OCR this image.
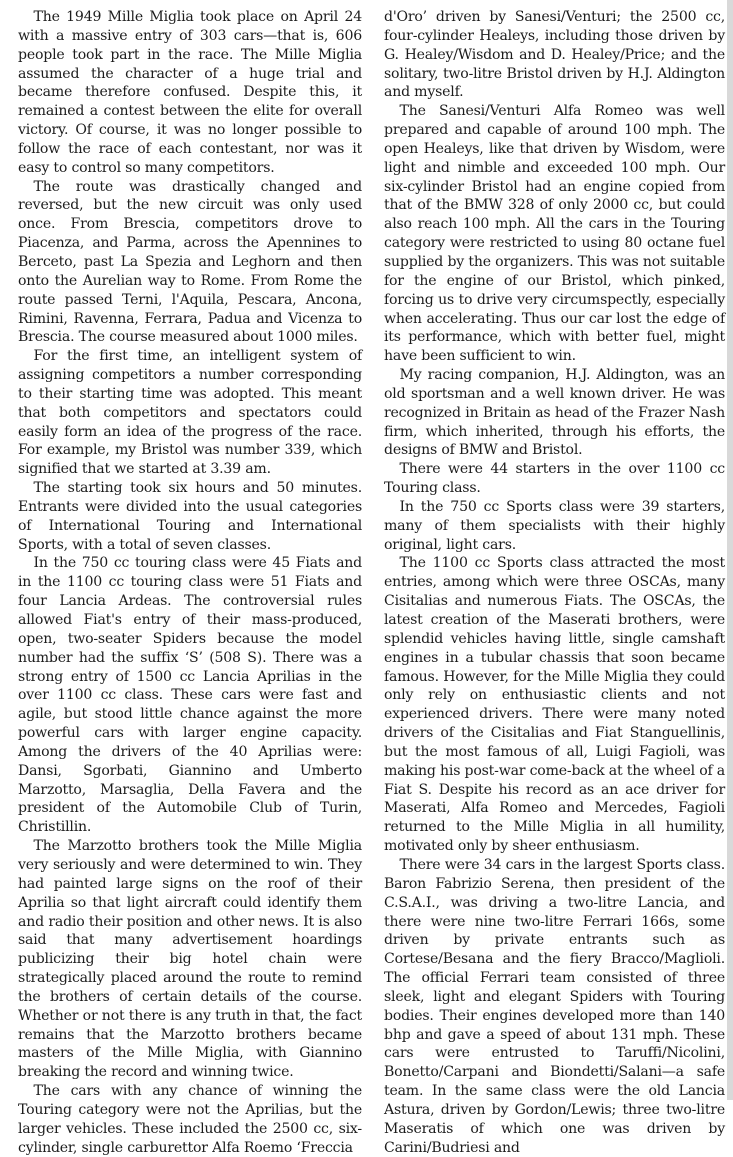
The 1949 Mille Miglia took place on April 24 with a massive entry of 303 cars—that is, 606 people took part in the race. The Mille Miglia assumed the character of a huge trial and became therefore confused. Despite this, it remained a contest between the elite for overall victory. Of course, it was no longer possible to follow the race of each contestant, nor was it easy to control so many competitors.

The route was drastically changed and reversed, but the new circuit was only used once. From Brescia, competitors drove to Piacenza, and Parma, across the Apennines to Berceto, past La Spezia and Leghorn and then onto the Aurelian way to Rome. From Rome the route passed Terni, l'Aquila, Pescara, Ancona, Rimini, Ravenna, Ferrara, Padua and Vicenza to Brescia. The course measured about 1000 miles.

For the first time, an intelligent system of assigning competitors a number corresponding to their starting time was adopted. This meant that both competitors and spectators could easily form an idea of the progress of the race. For example, my Bristol was number 339, which signified that we started at 3.39 am.

The starting took six hours and 50 minutes. Entrants were divided into the usual categories of International Touring and International Sports, with a total of seven classes.

In the 750 cc touring class were 45 Fiats and in the 1100 cc touring class were 51 Fiats and four Lancia Ardeas. The controversial rules allowed Fiat's entry of their mass-produced, open, two-seater Spiders because the model number had the suffix ‘S’ (508 S). There was a strong entry of 1500 cc Lancia Aprilias in the over 1100 cc class. These cars were fast and agile, but stood little chance against the more powerful cars with larger engine capacity. Among the drivers of the 40 Aprilias were: Dansi, Sgorbati, Giannino and Umberto Marzotto, Marsaglia, Della Favera and the president of the Automobile Club of Turin, Christillin.

The Marzotto brothers took the Mille Miglia very seriously and were determined to win. They had painted large signs on the roof of their Aprilia so that light aircraft could identify them and radio their position and other news. It is also said that many advertisement hoardings publicizing their big hotel chain were strategically placed around the route to remind the brothers of certain details of the course. Whether or not there is any truth in that, the fact remains that the Marzotto brothers became masters of the Mille Miglia, with Giannino breaking the record and winning twice.

The cars with any chance of winning the Touring category were not the Aprilias, but the larger vehicles. These included the 2500 cc, six-cylinder, single carburettor Alfa Roemo ‘Freccia

d'Oro’ driven by Sanesi/Venturi; the 2500 cc, four-cylinder Healeys, including those driven by G. Healey/Wisdom and D. Healey/Price; and the solitary, two-litre Bristol driven by H.J. Aldington and myself.

The Sanesi/Venturi Alfa Romeo was well prepared and capable of around 100 mph. The open Healeys, like that driven by Wisdom, were light and nimble and exceeded 100 mph. Our six-cylinder Bristol had an engine copied from that of the BMW 328 of only 2000 cc, but could also reach 100 mph. All the cars in the Touring category were restricted to using 80 octane fuel supplied by the organizers. This was not suitable for the engine of our Bristol, which pinked, forcing us to drive very circumspectly, especially when accelerating. Thus our car lost the edge of its performance, which with better fuel, might have been sufficient to win.

My racing companion, H.J. Aldington, was an old sportsman and a well known driver. He was recognized in Britain as head of the Frazer Nash firm, which inherited, through his efforts, the designs of BMW and Bristol.

There were 44 starters in the over 1100 cc Touring class.

In the 750 cc Sports class were 39 starters, many of them specialists with their highly original, light cars.

The 1100 cc Sports class attracted the most entries, among which were three OSCAs, many Cisitalias and numerous Fiats. The OSCAs, the latest creation of the Maserati brothers, were splendid vehicles having little, single camshaft engines in a tubular chassis that soon became famous. However, for the Mille Miglia they could only rely on enthusiastic clients and not experienced drivers. There were many noted drivers of the Cisitalias and Fiat Stanguellinis, but the most famous of all, Luigi Fagioli, was making his post-war come-back at the wheel of a Fiat S. Despite his record as an ace driver for Maserati, Alfa Romeo and Mercedes, Fagioli returned to the Mille Miglia in all humility, motivated only by sheer enthusiasm.

There were 34 cars in the largest Sports class. Baron Fabrizio Serena, then president of the C.S.A.I., was driving a two-litre Lancia, and there were nine two-litre Ferrari 166s, some driven by private entrants such as Cortese/Besana and the fiery Bracco/Maglioli. The official Ferrari team consisted of three sleek, light and elegant Spiders with Touring bodies. Their engines developed more than 140 bhp and gave a speed of about 131 mph. These cars were entrusted to Taruffi/Nicolini, Bonetto/Carpani and Biondetti/Salani—a safe team. In the same class were the old Lancia Astura, driven by Gordon/Lewis; three two-litre Maseratis of which one was driven by Carini/Budriesi and
